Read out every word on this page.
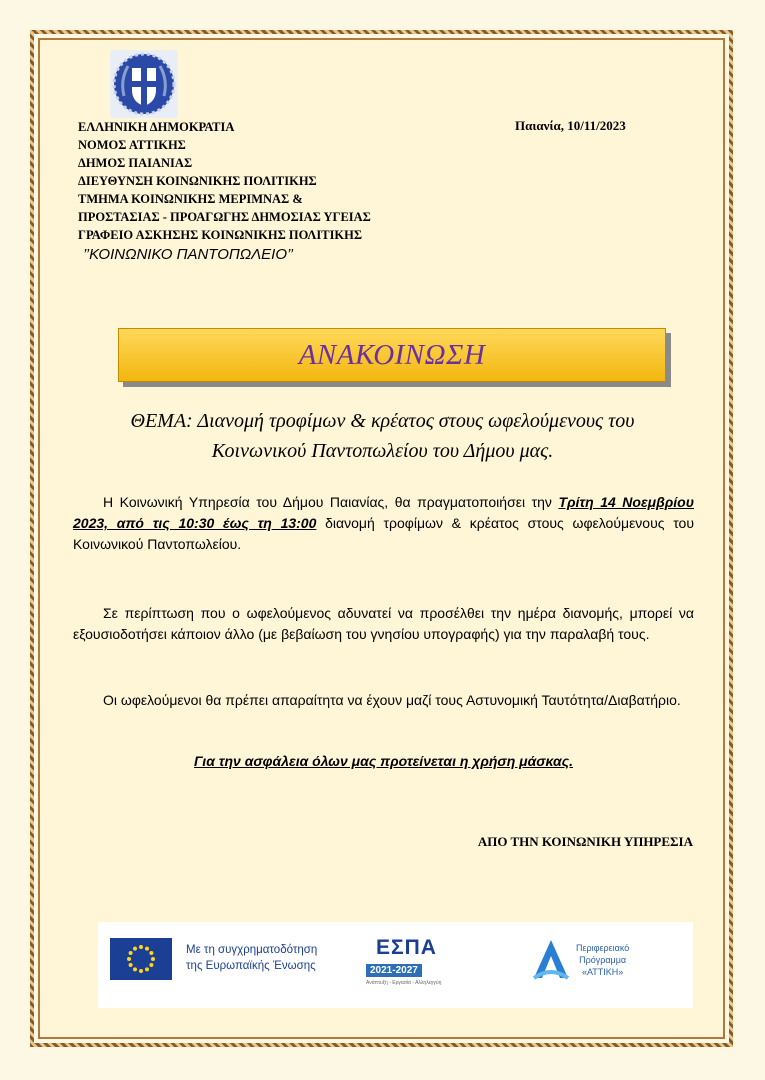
ΕΛΛΗΝΙΚΗ ΔΗΜΟΚΡΑΤΙΑ
ΝΟΜΟΣ ΑΤΤΙΚΗΣ
ΔΗΜΟΣ ΠΑΙΑΝΙΑΣ
ΔΙΕΥΘΥΝΣΗ ΚΟΙΝΩΝΙΚΗΣ ΠΟΛΙΤΙΚΗΣ
ΤΜΗΜΑ ΚΟΙΝΩΝΙΚΗΣ ΜΕΡΙΜΝΑΣ &
ΠΡΟΣΤΑΣΙΑΣ - ΠΡΟΑΓΩΓΗΣ ΔΗΜΟΣΙΑΣ ΥΓΕΙΑΣ
ΓΡΑΦΕΙΟ ΑΣΚΗΣΗΣ ΚΟΙΝΩΝΙΚΗΣ ΠΟΛΙΤΙΚΗΣ
’’ΚΟΙΝΩΝΙΚΟ ΠΑΝΤΟΠΩΛΕΙΟ’’
Παιανία, 10/11/2023
ΑΝΑΚΟΙΝΩΣΗ
ΘΕΜΑ: Διανομή τροφίμων & κρέατος στους ωφελούμενους του
Κοινωνικού Παντοπωλείου του Δήμου μας.
Η Κοινωνική Υπηρεσία του Δήμου Παιανίας, θα πραγματοποιήσει την Τρίτη 14 Νοεμβρίου 2023, από τις 10:30 έως τη 13:00 διανομή τροφίμων & κρέατος στους ωφελούμενους του Κοινωνικού Παντοπωλείου.
Σε περίπτωση που ο ωφελούμενος αδυνατεί να προσέλθει την ημέρα διανομής, μπορεί να εξουσιοδοτήσει κάποιον άλλο (με βεβαίωση του γνησίου υπογραφής) για την παραλαβή τους.
Οι ωφελούμενοι θα πρέπει απαραίτητα να έχουν μαζί τους Αστυνομική Ταυτότητα/Διαβατήριο.
Για την ασφάλεια όλων μας προτείνεται η χρήση μάσκας.
ΑΠΟ ΤΗΝ ΚΟΙΝΩΝΙΚΗ ΥΠΗΡΕΣΙΑ
Με τη συγχρηματοδότηση
της Ευρωπαϊκής Ένωσης
ΕΣΠΑ
2021-2027
Ανάπτυξη - Εργασία - Αλληλεγγύη
Περιφερειακό
Πρόγραμμα
«ΑΤΤΙΚΗ»
